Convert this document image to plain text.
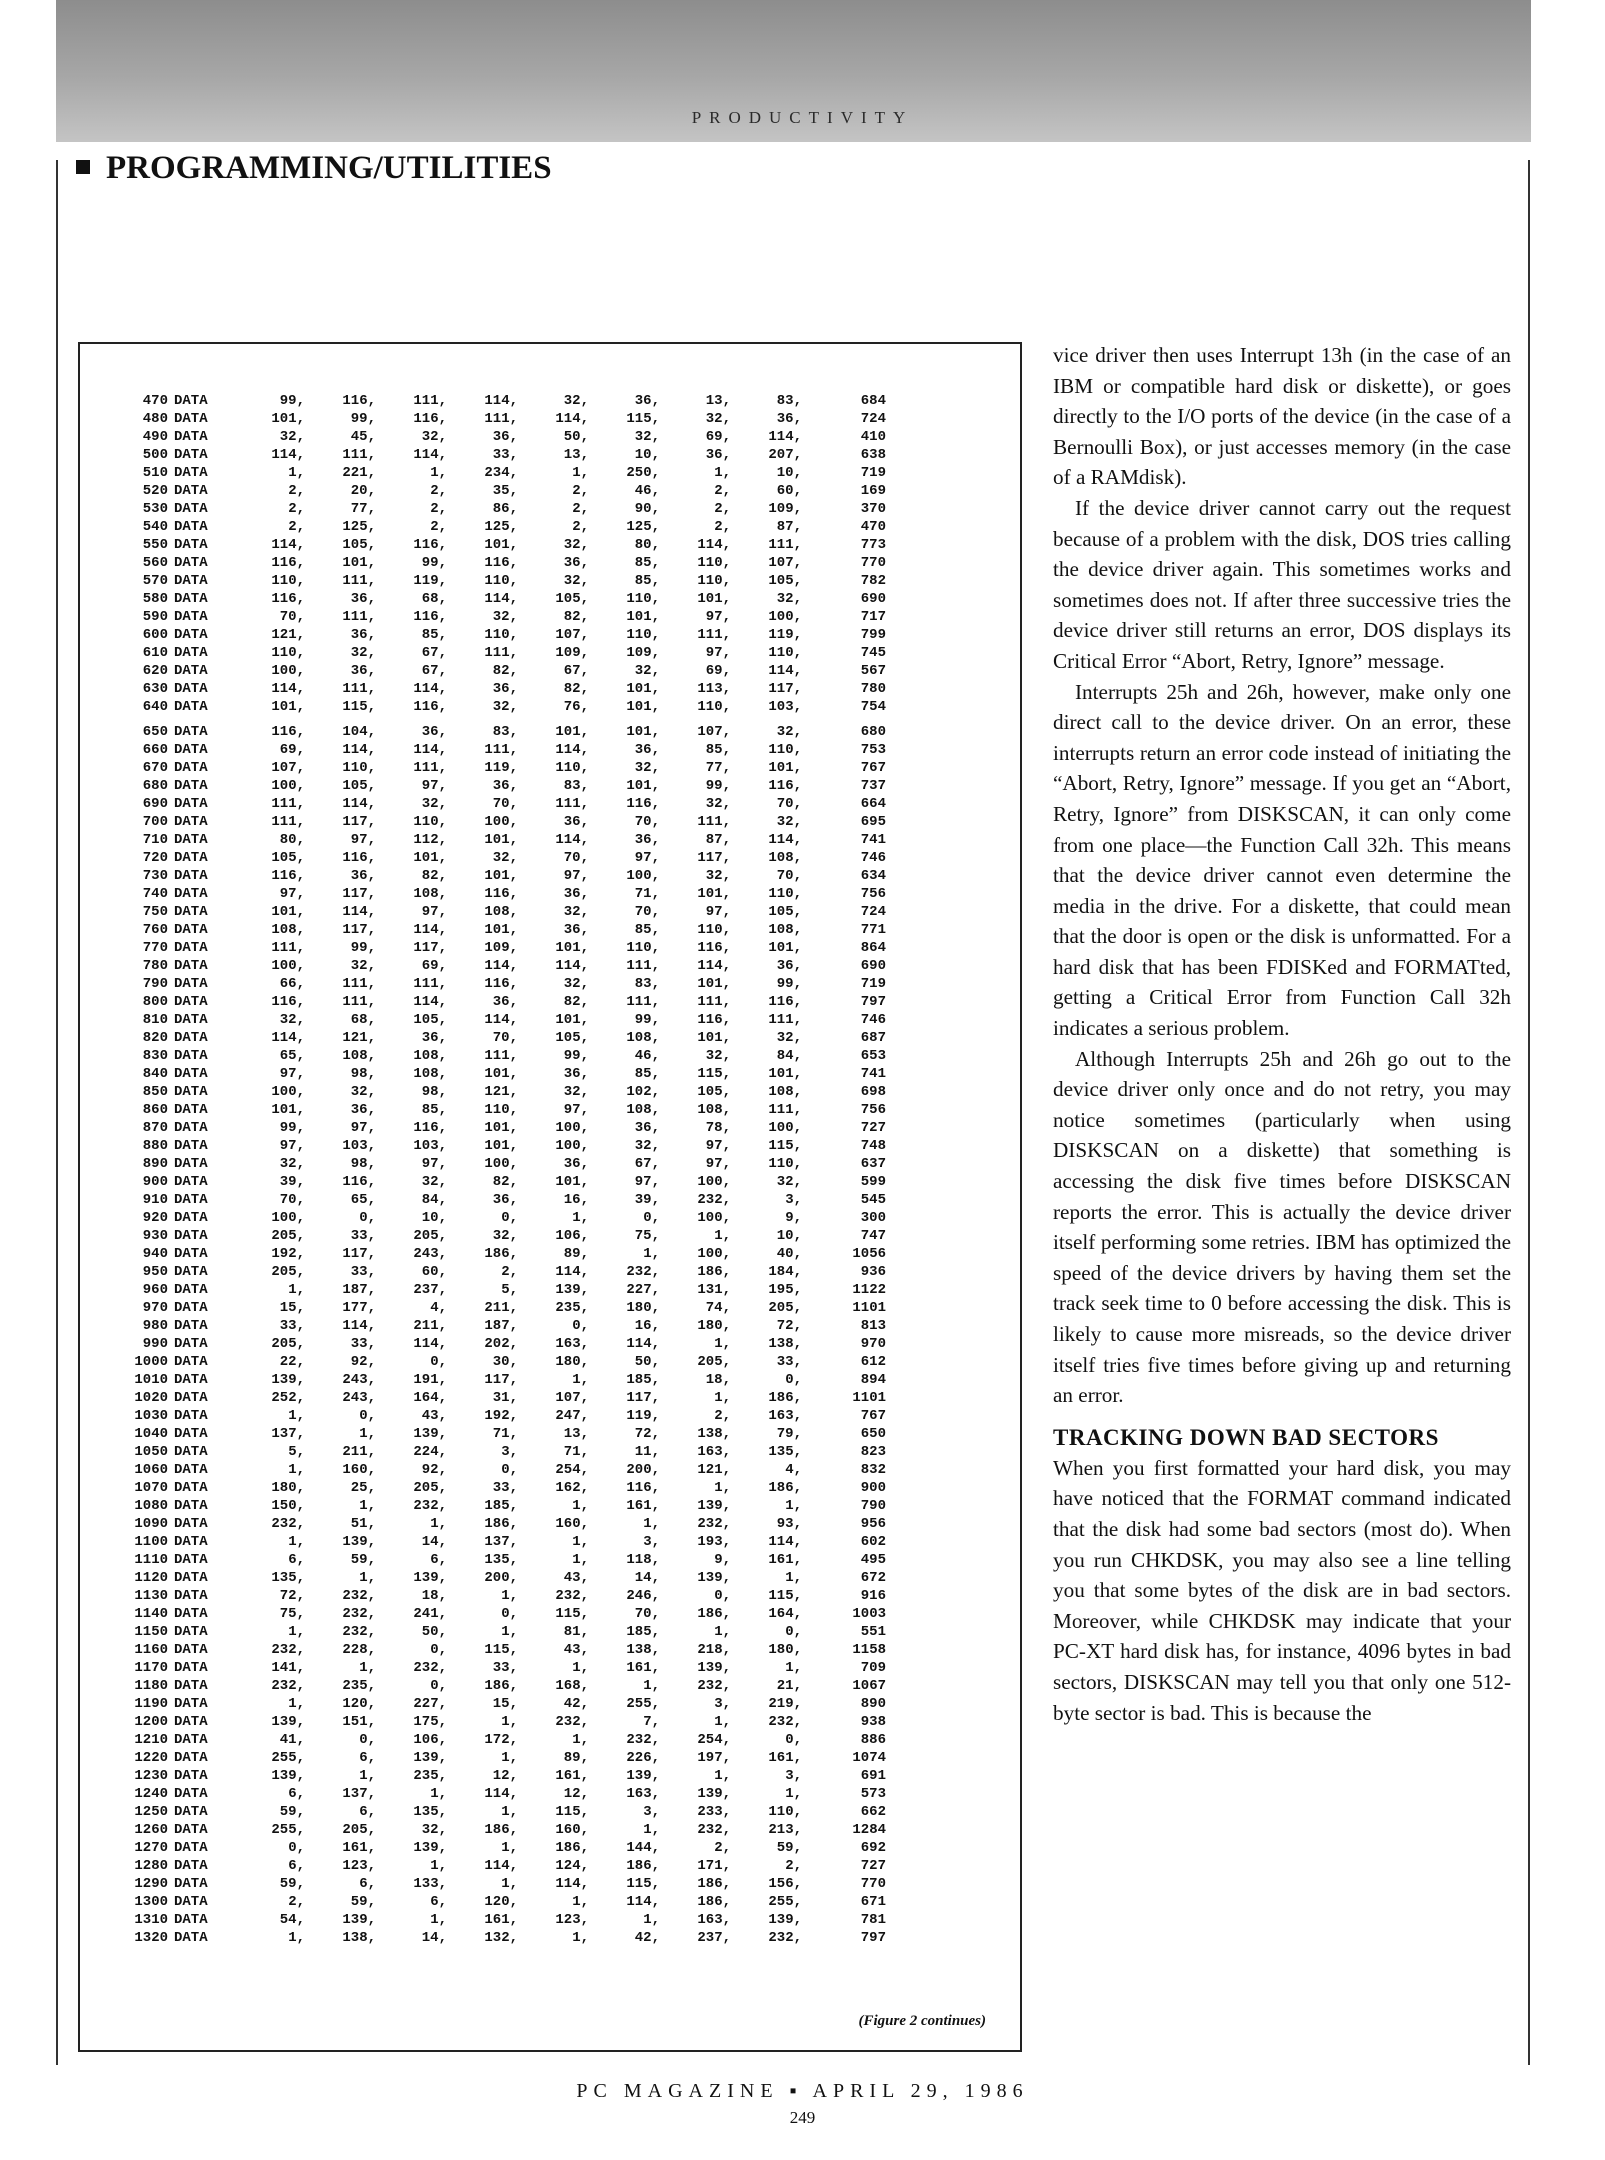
PRODUCTIVITY
PROGRAMMING/UTILITIES
470 DATA	99,	116,	111,	114,	32,	36,	13,	83,	684
480 DATA	101,	99,	116,	111,	114,	115,	32,	36,	724
490 DATA	32,	45,	32,	36,	50,	32,	69,	114,	410
500 DATA	114,	111,	114,	33,	13,	10,	36,	207,	638
510 DATA	1,	221,	1,	234,	1,	250,	1,	10,	719
520 DATA	2,	20,	2,	35,	2,	46,	2,	60,	169
530 DATA	2,	77,	2,	86,	2,	90,	2,	109,	370
540 DATA	2,	125,	2,	125,	2,	125,	2,	87,	470
550 DATA	114,	105,	116,	101,	32,	80,	114,	111,	773
560 DATA	116,	101,	99,	116,	36,	85,	110,	107,	770
570 DATA	110,	111,	119,	110,	32,	85,	110,	105,	782
580 DATA	116,	36,	68,	114,	105,	110,	101,	32,	690
590 DATA	70,	111,	116,	32,	82,	101,	97,	100,	717
600 DATA	121,	36,	85,	110,	107,	110,	111,	119,	799
610 DATA	110,	32,	67,	111,	109,	109,	97,	110,	745
620 DATA	100,	36,	67,	82,	67,	32,	69,	114,	567
630 DATA	114,	111,	114,	36,	82,	101,	113,	117,	780
640 DATA	101,	115,	116,	32,	76,	101,	110,	103,	754
650 DATA	116,	104,	36,	83,	101,	101,	107,	32,	680
660 DATA	69,	114,	114,	111,	114,	36,	85,	110,	753
670 DATA	107,	110,	111,	119,	110,	32,	77,	101,	767
680 DATA	100,	105,	97,	36,	83,	101,	99,	116,	737
690 DATA	111,	114,	32,	70,	111,	116,	32,	70,	664
700 DATA	111,	117,	110,	100,	36,	70,	111,	32,	695
710 DATA	80,	97,	112,	101,	114,	36,	87,	114,	741
720 DATA	105,	116,	101,	32,	70,	97,	117,	108,	746
730 DATA	116,	36,	82,	101,	97,	100,	32,	70,	634
740 DATA	97,	117,	108,	116,	36,	71,	101,	110,	756
750 DATA	101,	114,	97,	108,	32,	70,	97,	105,	724
760 DATA	108,	117,	114,	101,	36,	85,	110,	108,	771
770 DATA	111,	99,	117,	109,	101,	110,	116,	101,	864
780 DATA	100,	32,	69,	114,	114,	111,	114,	36,	690
790 DATA	66,	111,	111,	116,	32,	83,	101,	99,	719
800 DATA	116,	111,	114,	36,	82,	111,	111,	116,	797
810 DATA	32,	68,	105,	114,	101,	99,	116,	111,	746
820 DATA	114,	121,	36,	70,	105,	108,	101,	32,	687
830 DATA	65,	108,	108,	111,	99,	46,	32,	84,	653
840 DATA	97,	98,	108,	101,	36,	85,	115,	101,	741
850 DATA	100,	32,	98,	121,	32,	102,	105,	108,	698
860 DATA	101,	36,	85,	110,	97,	108,	108,	111,	756
870 DATA	99,	97,	116,	101,	100,	36,	78,	100,	727
880 DATA	97,	103,	103,	101,	100,	32,	97,	115,	748
890 DATA	32,	98,	97,	100,	36,	67,	97,	110,	637
900 DATA	39,	116,	32,	82,	101,	97,	100,	32,	599
910 DATA	70,	65,	84,	36,	16,	39,	232,	3,	545
920 DATA	100,	0,	10,	0,	1,	0,	100,	9,	300
930 DATA	205,	33,	205,	32,	106,	75,	1,	10,	747
940 DATA	192,	117,	243,	186,	89,	1,	100,	40,	1056
950 DATA	205,	33,	60,	2,	114,	232,	186,	184,	936
960 DATA	1,	187,	237,	5,	139,	227,	131,	195,	1122
970 DATA	15,	177,	4,	211,	235,	180,	74,	205,	1101
980 DATA	33,	114,	211,	187,	0,	16,	180,	72,	813
990 DATA	205,	33,	114,	202,	163,	114,	1,	138,	970
1000 DATA	22,	92,	0,	30,	180,	50,	205,	33,	612
1010 DATA	139,	243,	191,	117,	1,	185,	18,	0,	894
1020 DATA	252,	243,	164,	31,	107,	117,	1,	186,	1101
1030 DATA	1,	0,	43,	192,	247,	119,	2,	163,	767
1040 DATA	137,	1,	139,	71,	13,	72,	138,	79,	650
1050 DATA	5,	211,	224,	3,	71,	11,	163,	135,	823
1060 DATA	1,	160,	92,	0,	254,	200,	121,	4,	832
1070 DATA	180,	25,	205,	33,	162,	116,	1,	186,	900
1080 DATA	150,	1,	232,	185,	1,	161,	139,	1,	790
1090 DATA	232,	51,	1,	186,	160,	1,	232,	93,	956
1100 DATA	1,	139,	14,	137,	1,	3,	193,	114,	602
1110 DATA	6,	59,	6,	135,	1,	118,	9,	161,	495
1120 DATA	135,	1,	139,	200,	43,	14,	139,	1,	672
1130 DATA	72,	232,	18,	1,	232,	246,	0,	115,	916
1140 DATA	75,	232,	241,	0,	115,	70,	186,	164,	1003
1150 DATA	1,	232,	50,	1,	81,	185,	1,	0,	551
1160 DATA	232,	228,	0,	115,	43,	138,	218,	180,	1158
1170 DATA	141,	1,	232,	33,	1,	161,	139,	1,	709
1180 DATA	232,	235,	0,	186,	168,	1,	232,	21,	1067
1190 DATA	1,	120,	227,	15,	42,	255,	3,	219,	890
1200 DATA	139,	151,	175,	1,	232,	7,	1,	232,	938
1210 DATA	41,	0,	106,	172,	1,	232,	254,	0,	886
1220 DATA	255,	6,	139,	1,	89,	226,	197,	161,	1074
1230 DATA	139,	1,	235,	12,	161,	139,	1,	3,	691
1240 DATA	6,	137,	1,	114,	12,	163,	139,	1,	573
1250 DATA	59,	6,	135,	1,	115,	3,	233,	110,	662
1260 DATA	255,	205,	32,	186,	160,	1,	232,	213,	1284
1270 DATA	0,	161,	139,	1,	186,	144,	2,	59,	692
1280 DATA	6,	123,	1,	114,	124,	186,	171,	2,	727
1290 DATA	59,	6,	133,	1,	114,	115,	186,	156,	770
1300 DATA	2,	59,	6,	120,	1,	114,	186,	255,	671
1310 DATA	54,	139,	1,	161,	123,	1,	163,	139,	781
1320 DATA	1,	138,	14,	132,	1,	42,	237,	232,	797
(Figure 2 continues)

vice driver then uses Interrupt 13h (in the case of an IBM or compatible hard disk or diskette), or goes directly to the I/O ports of the device (in the case of a Bernoulli Box), or just accesses memory (in the case of a RAMdisk).

If the device driver cannot carry out the request because of a problem with the disk, DOS tries calling the device driver again. This sometimes works and sometimes does not. If after three successive tries the device driver still returns an error, DOS displays its Critical Error “Abort, Retry, Ignore” message.

Interrupts 25h and 26h, however, make only one direct call to the device driver. On an error, these interrupts return an error code instead of initiating the “Abort, Retry, Ignore” message. If you get an “Abort, Retry, Ignore” from DISKSCAN, it can only come from one place—the Function Call 32h. This means that the device driver cannot even determine the media in the drive. For a diskette, that could mean that the door is open or the disk is unformatted. For a hard disk that has been FDISKed and FORMATted, getting a Critical Error from Function Call 32h indicates a serious problem.

Although Interrupts 25h and 26h go out to the device driver only once and do not retry, you may notice sometimes (particularly when using DISKSCAN on a diskette) that something is accessing the disk five times before DISKSCAN reports the error. This is actually the device driver itself performing some retries. IBM has optimized the speed of the device drivers by having them set the track seek time to 0 before accessing the disk. This is likely to cause more misreads, so the device driver itself tries five times before giving up and returning an error.

TRACKING DOWN BAD SECTORS

When you first formatted your hard disk, you may have noticed that the FORMAT command indicated that the disk had some bad sectors (most do). When you run CHKDSK, you may also see a line telling you that some bytes of the disk are in bad sectors. Moreover, while CHKDSK may indicate that your PC-XT hard disk has, for instance, 4096 bytes in bad sectors, DISKSCAN may tell you that only one 512-byte sector is bad. This is because the

PC MAGAZINE ▪ APRIL 29, 1986
249
